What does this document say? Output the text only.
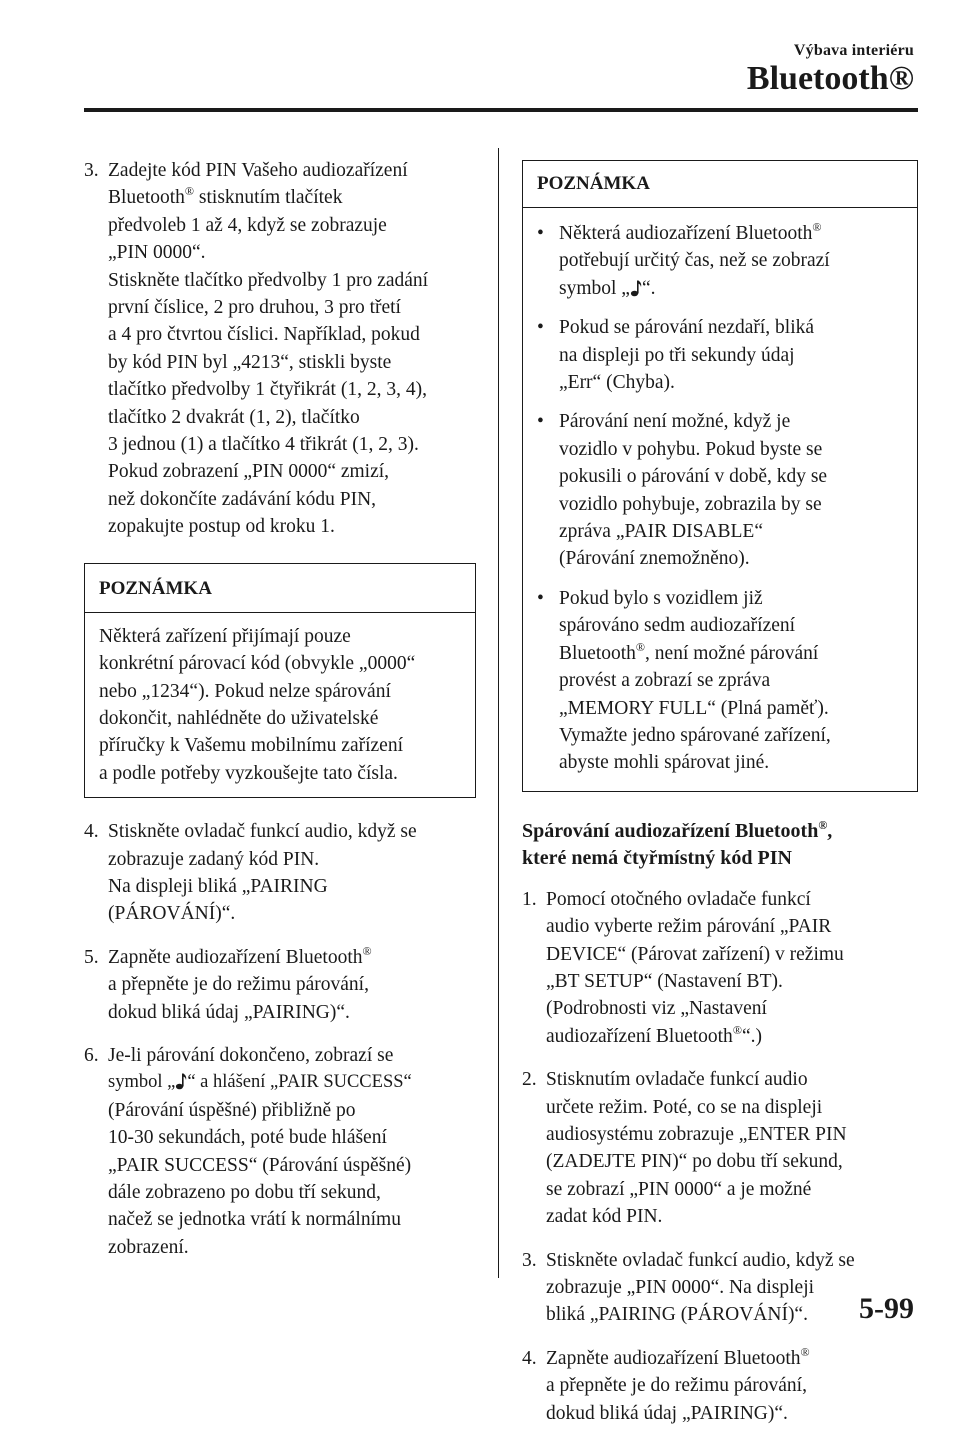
Výbava interiéru
Bluetooth®
3. Zadejte kód PIN Vašeho audiozařízení
Bluetooth® stisknutím tlačítek
předvoleb 1 až 4, když se zobrazuje
„PIN 0000“.
Stiskněte tlačítko předvolby 1 pro zadání
první číslice, 2 pro druhou, 3 pro třetí
a 4 pro čtvrtou číslici. Například, pokud
by kód PIN byl „4213“, stiskli byste
tlačítko předvolby 1 čtyřikrát (1, 2, 3, 4),
tlačítko 2 dvakrát (1, 2), tlačítko
3 jednou (1) a tlačítko 4 třikrát (1, 2, 3).
Pokud zobrazení „PIN 0000“ zmizí,
než dokončíte zadávání kódu PIN,
zopakujte postup od kroku 1.
POZNÁMKA
Některá zařízení přijímají pouze
konkrétní párovací kód (obvykle „0000“
nebo „1234“). Pokud nelze spárování
dokončit, nahlédněte do uživatelské
příručky k Vašemu mobilnímu zařízení
a podle potřeby vyzkoušejte tato čísla.
4. Stiskněte ovladač funkcí audio, když se
zobrazuje zadaný kód PIN.
Na displeji bliká „PAIRING
(PÁROVÁNÍ)“.
5. Zapněte audiozařízení Bluetooth®
a přepněte je do režimu párování,
dokud bliká údaj „PAIRING)“.
6. Je-li párování dokončeno, zobrazí se
symbol „ “ a hlášení „PAIR SUCCESS“
(Párování úspěšné) přibližně po
10-30 sekundách, poté bude hlášení
„PAIR SUCCESS“ (Párování úspěšné)
dále zobrazeno po dobu tří sekund,
načež se jednotka vrátí k normálnímu
zobrazení.
POZNÁMKA
• Některá audiozařízení Bluetooth®
potřebují určitý čas, než se zobrazí
symbol „ “.
• Pokud se párování nezdaří, bliká
na displeji po tři sekundy údaj
„Err“ (Chyba).
• Párování není možné, když je
vozidlo v pohybu. Pokud byste se
pokusili o párování v době, kdy se
vozidlo pohybuje, zobrazila by se
zpráva „PAIR DISABLE“
(Párování znemožněno).
• Pokud bylo s vozidlem již
spárováno sedm audiozařízení
Bluetooth®, není možné párování
provést a zobrazí se zpráva
„MEMORY FULL“ (Plná paměť).
Vymažte jedno spárované zařízení,
abyste mohli spárovat jiné.
Spárování audiozařízení Bluetooth®,
které nemá čtyřmístný kód PIN
1. Pomocí otočného ovladače funkcí
audio vyberte režim párování „PAIR
DEVICE“ (Párovat zařízení) v režimu
„BT SETUP“ (Nastavení BT).
(Podrobnosti viz „Nastavení
audiozařízení Bluetooth®“.)
2. Stisknutím ovladače funkcí audio
určete režim. Poté, co se na displeji
audiosystému zobrazuje „ENTER PIN
(ZADEJTE PIN)“ po dobu tří sekund,
se zobrazí „PIN 0000“ a je možné
zadat kód PIN.
3. Stiskněte ovladač funkcí audio, když se
zobrazuje „PIN 0000“. Na displeji
bliká „PAIRING (PÁROVÁNÍ)“.
4. Zapněte audiozařízení Bluetooth®
a přepněte je do režimu párování,
dokud bliká údaj „PAIRING)“.
5-99
